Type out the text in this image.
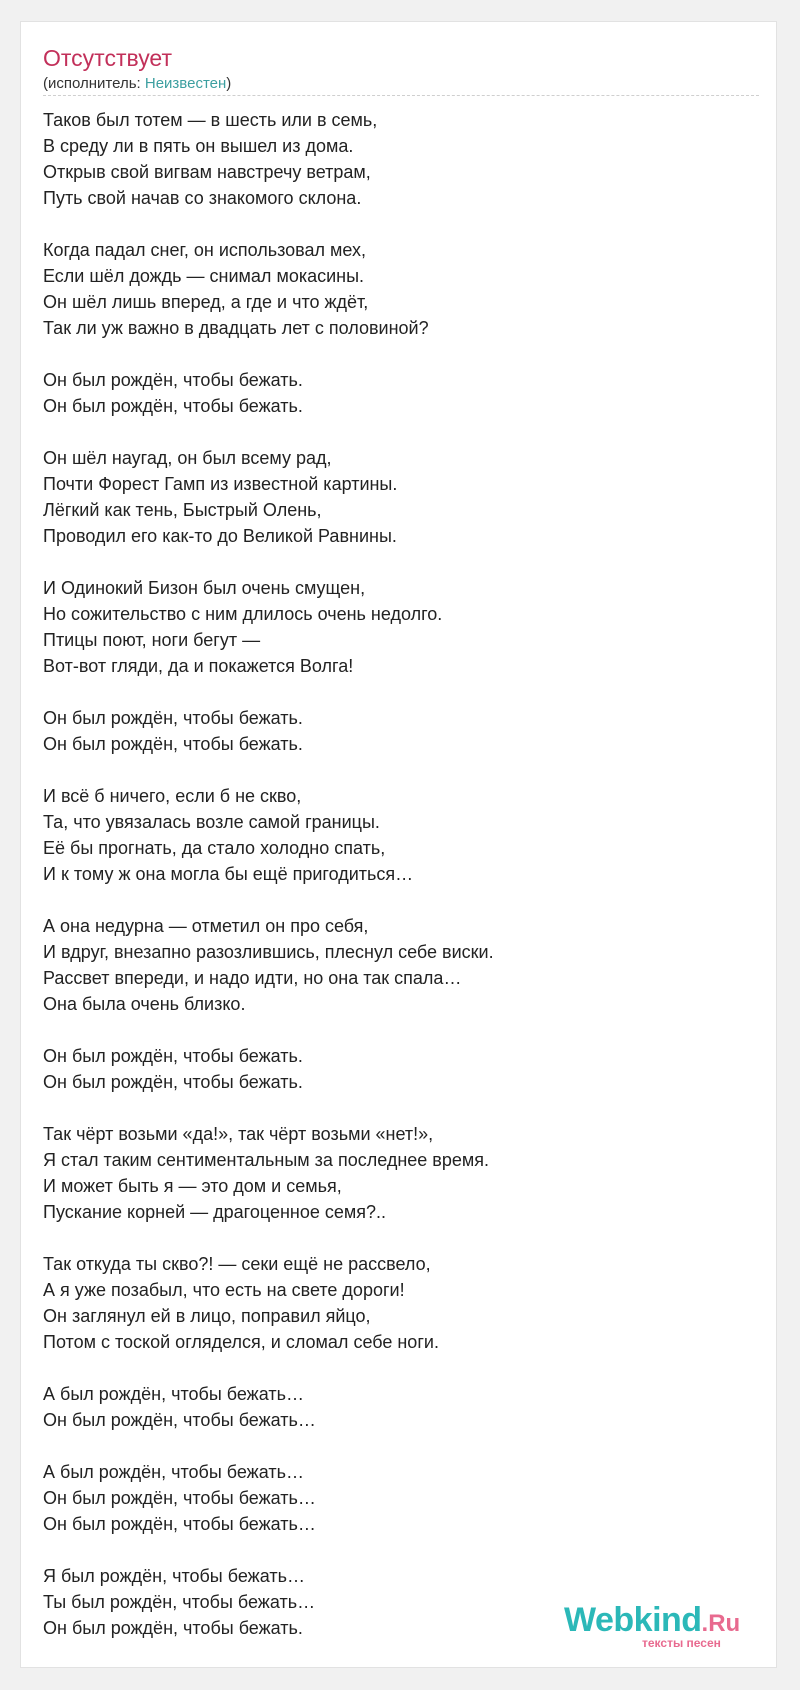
Отсутствует
(исполнитель: Неизвестен)
Таков был тотем — в шесть или в семь,
В среду ли в пять он вышел из дома.
Открыв свой вигвам навстречу ветрам,
Путь свой начав со знакомого склона.
Когда падал снег, он использовал мех,
Если шёл дождь — снимал мокасины.
Он шёл лишь вперед, а где и что ждёт,
Так ли уж важно в двадцать лет с половиной?
Он был рождён, чтобы бежать.
Он был рождён, чтобы бежать.
Он шёл наугад, он был всему рад,
Почти Форест Гамп из известной картины.
Лёгкий как тень, Быстрый Олень,
Проводил его как-то до Великой Равнины.
И Одинокий Бизон был очень смущен,
Но сожительство с ним длилось очень недолго.
Птицы поют, ноги бегут —
Вот-вот гляди, да и покажется Волга!
Он был рождён, чтобы бежать.
Он был рождён, чтобы бежать.
И всё б ничего, если б не скво,
Та, что увязалась возле самой границы.
Её бы прогнать, да стало холодно спать,
И к тому ж она могла бы ещё пригодиться…
А она недурна — отметил он про себя,
И вдруг, внезапно разозлившись, плеснул себе виски.
Рассвет впереди, и надо идти, но она так спала…
Она была очень близко.
Он был рождён, чтобы бежать.
Он был рождён, чтобы бежать.
Так чёрт возьми «да!», так чёрт возьми «нет!»,
Я стал таким сентиментальным за последнее время.
И может быть я — это дом и семья,
Пускание корней — драгоценное семя?..
Так откуда ты скво?! — секи ещё не рассвело,
А я уже позабыл, что есть на свете дороги!
Он заглянул ей в лицо, поправил яйцо,
Потом с тоской огляделся, и сломал себе ноги.
А был рождён, чтобы бежать…
Он был рождён, чтобы бежать…
А был рождён, чтобы бежать…
Он был рождён, чтобы бежать…
Он был рождён, чтобы бежать…
Я был рождён, чтобы бежать…
Ты был рождён, чтобы бежать…
Он был рождён, чтобы бежать.	Webkind.Ru
тексты песен
